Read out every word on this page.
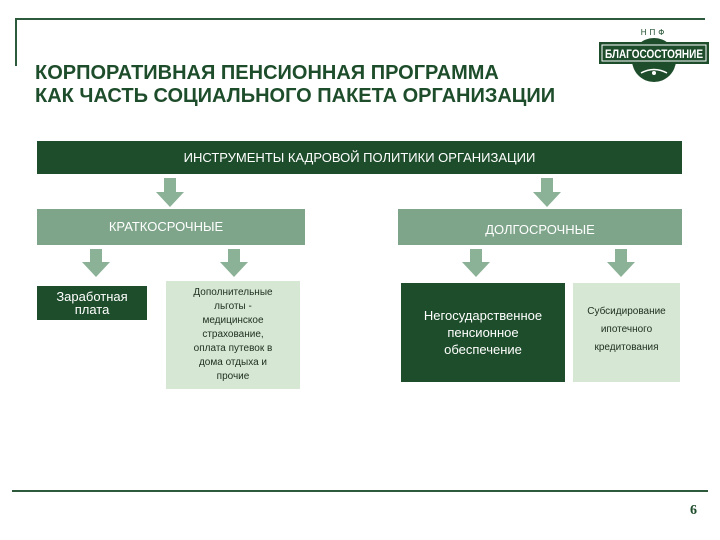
КОРПОРАТИВНАЯ ПЕНСИОННАЯ ПРОГРАММА
КАК ЧАСТЬ СОЦИАЛЬНОГО ПАКЕТА ОРГАНИЗАЦИИ
НПФ
БЛАГОСОСТОЯНИЕ
ИНСТРУМЕНТЫ КАДРОВОЙ ПОЛИТИКИ ОРГАНИЗАЦИИ
КРАТКОСРОЧНЫЕ	ДОЛГОСРОЧНЫЕ
Заработная
плата
Дополнительные
льготы -
медицинское
страхование,
оплата путевок в
дома отдыха и
прочие
Негосударственное
пенсионное
обеспечение
Субсидирование
ипотечного
кредитования
6
